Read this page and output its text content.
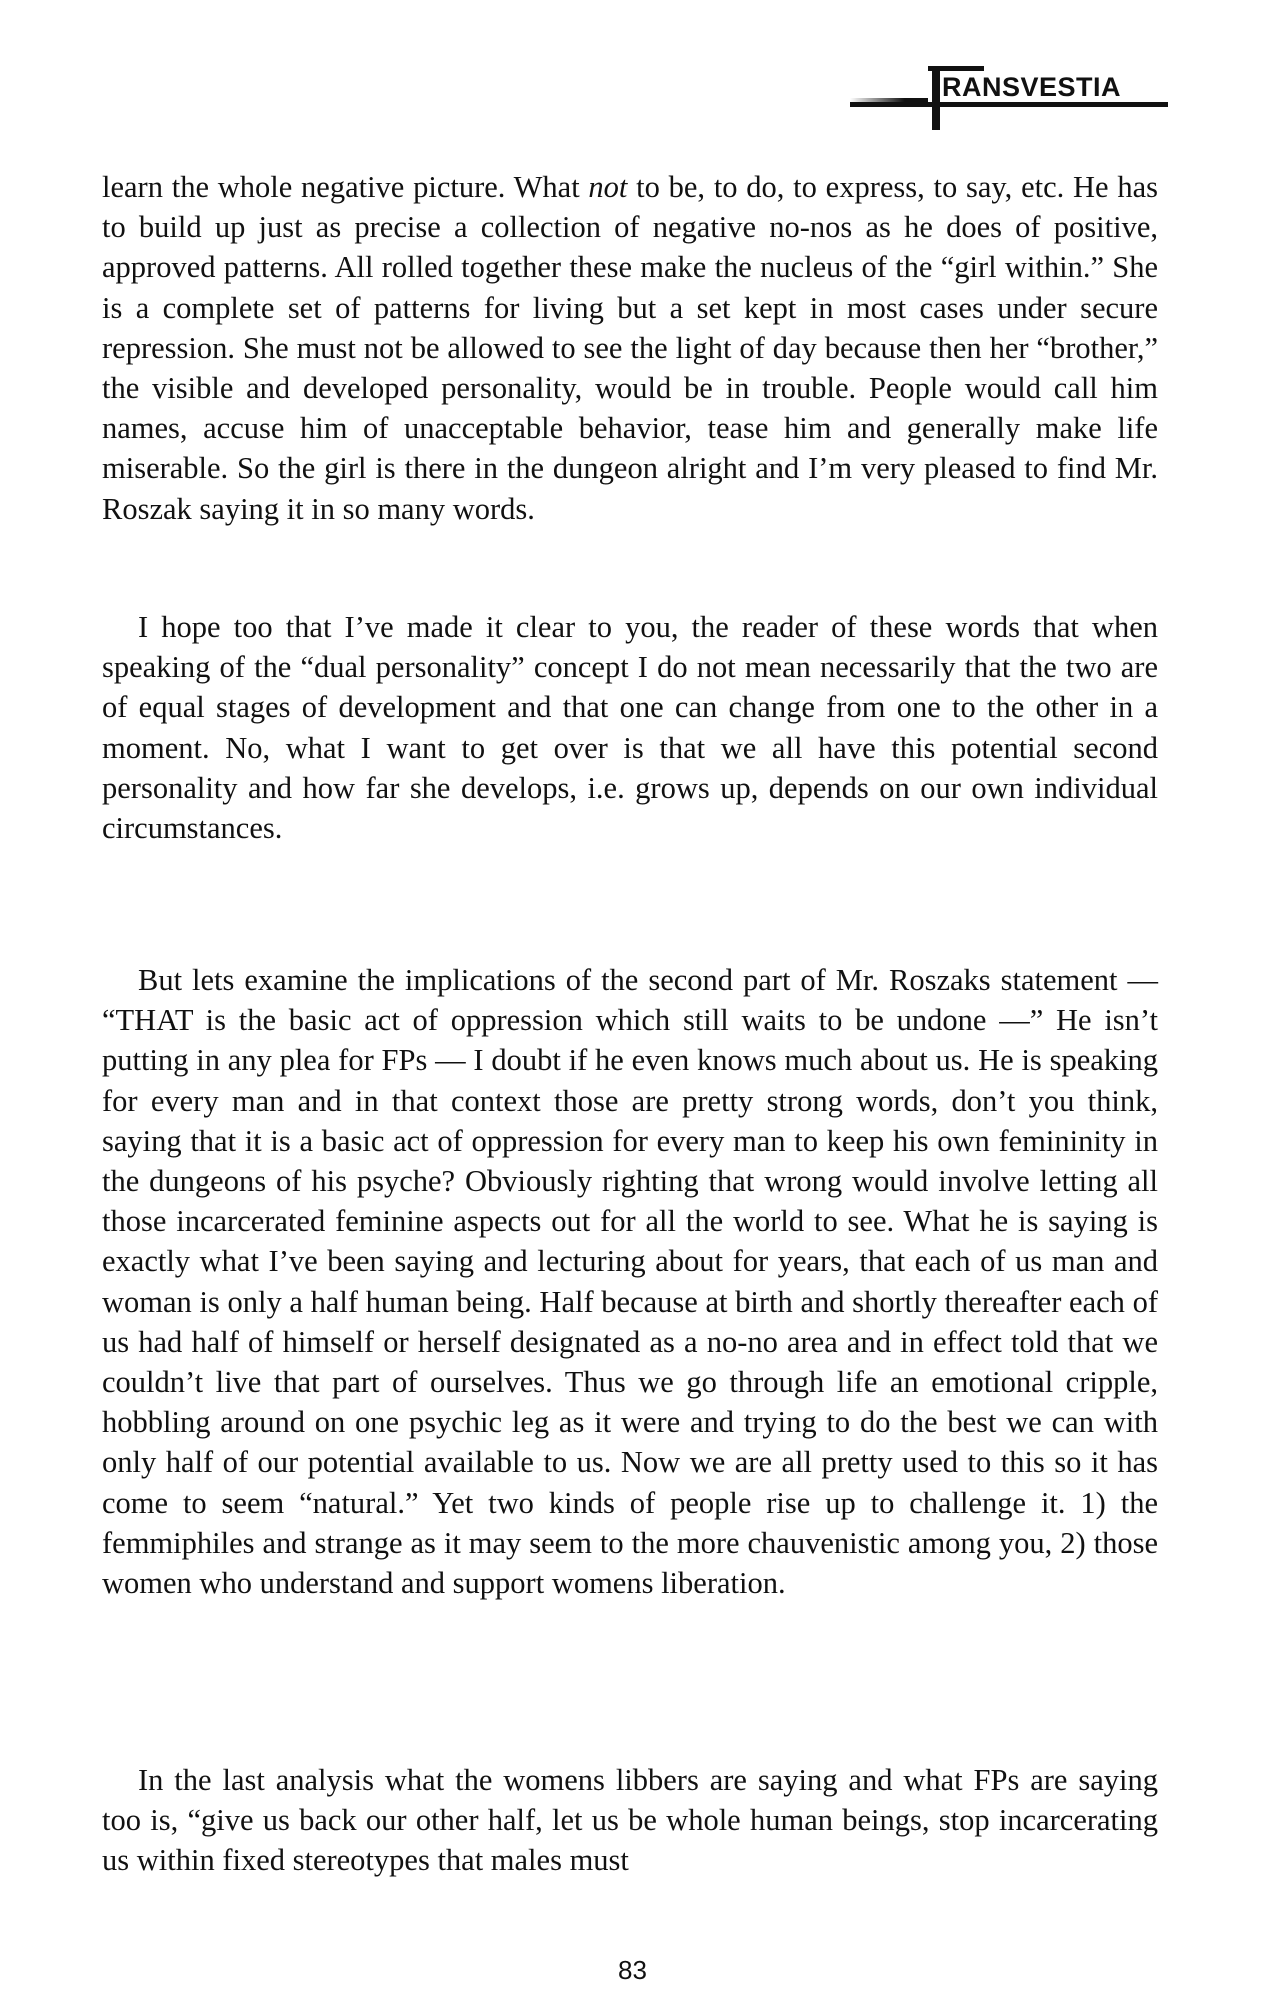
RANSVESTIA

learn the whole negative picture. What not to be, to do, to express, to say, etc. He has to build up just as precise a collection of negative no-nos as he does of positive, approved patterns. All rolled together these make the nucleus of the “girl within.” She is a complete set of patterns for living but a set kept in most cases under secure repression. She must not be allowed to see the light of day because then her “brother,” the visible and developed personality, would be in trouble. People would call him names, accuse him of unacceptable behavior, tease him and generally make life miserable. So the girl is there in the dungeon alright and I’m very pleased to find Mr. Roszak saying it in so many words.

I hope too that I’ve made it clear to you, the reader of these words that when speaking of the “dual personality” concept I do not mean necessarily that the two are of equal stages of development and that one can change from one to the other in a moment. No, what I want to get over is that we all have this potential second personality and how far she develops, i.e. grows up, depends on our own individual circumstances.

But lets examine the implications of the second part of Mr. Roszaks statement — “THAT is the basic act of oppression which still waits to be undone —” He isn’t putting in any plea for FPs — I doubt if he even knows much about us. He is speaking for every man and in that context those are pretty strong words, don’t you think, saying that it is a basic act of oppression for every man to keep his own femininity in the dungeons of his psyche? Obviously righting that wrong would involve letting all those incarcerated feminine aspects out for all the world to see. What he is saying is exactly what I’ve been saying and lecturing about for years, that each of us man and woman is only a half human being. Half because at birth and shortly thereafter each of us had half of himself or herself designated as a no-no area and in effect told that we couldn’t live that part of ourselves. Thus we go through life an emotional cripple, hobbling around on one psychic leg as it were and trying to do the best we can with only half of our potential available to us. Now we are all pretty used to this so it has come to seem “natural.” Yet two kinds of people rise up to challenge it. 1) the femmiphiles and strange as it may seem to the more chauvenistic among you, 2) those women who understand and support womens liberation.

In the last analysis what the womens libbers are saying and what FPs are saying too is, “give us back our other half, let us be whole human beings, stop incarcerating us within fixed stereotypes that males must

83
